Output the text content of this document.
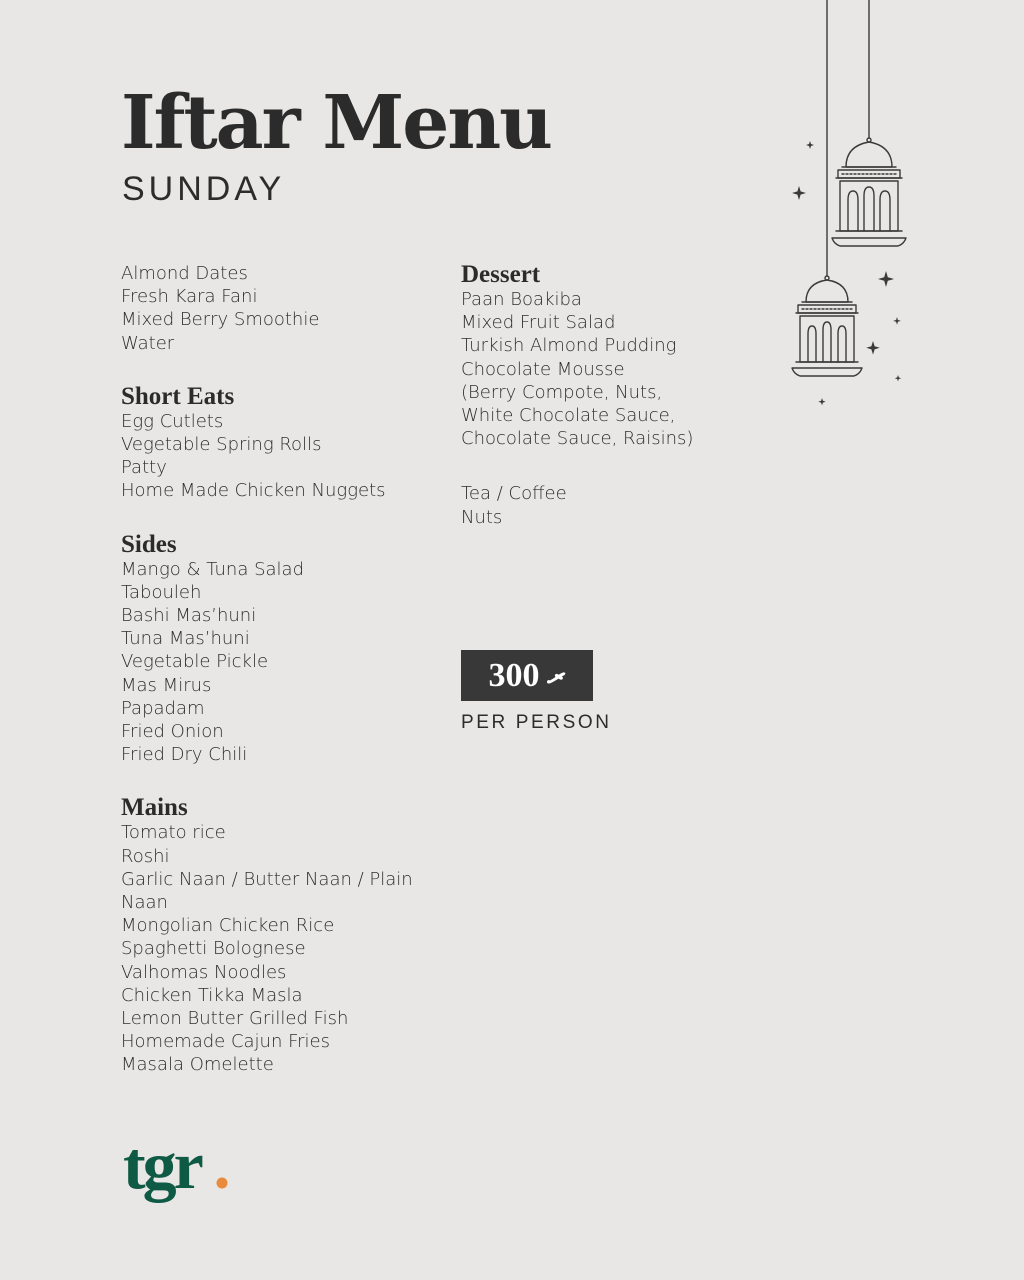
Iftar Menu
SUNDAY
Almond Dates
Fresh Kara Fani
Mixed Berry Smoothie
Water
Short Eats
Egg Cutlets
Vegetable Spring Rolls
Patty
Home Made Chicken Nuggets
Sides
Mango & Tuna Salad
Tabouleh
Bashi Mas’huni
Tuna Mas’huni
Vegetable Pickle
Mas Mirus
Papadam
Fried Onion
Fried Dry Chili
Mains
Tomato rice
Roshi
Garlic Naan / Butter Naan / Plain
Naan
Mongolian Chicken Rice
Spaghetti Bolognese
Valhomas Noodles
Chicken Tikka Masla
Lemon Butter Grilled Fish
Homemade Cajun Fries
Masala Omelette
Dessert
Paan Boakiba
Mixed Fruit Salad
Turkish Almond Pudding
Chocolate Mousse
(Berry Compote, Nuts,
White Chocolate Sauce,
Chocolate Sauce, Raisins)
Tea / Coffee
Nuts
300 ރ
PER PERSON
tgr
